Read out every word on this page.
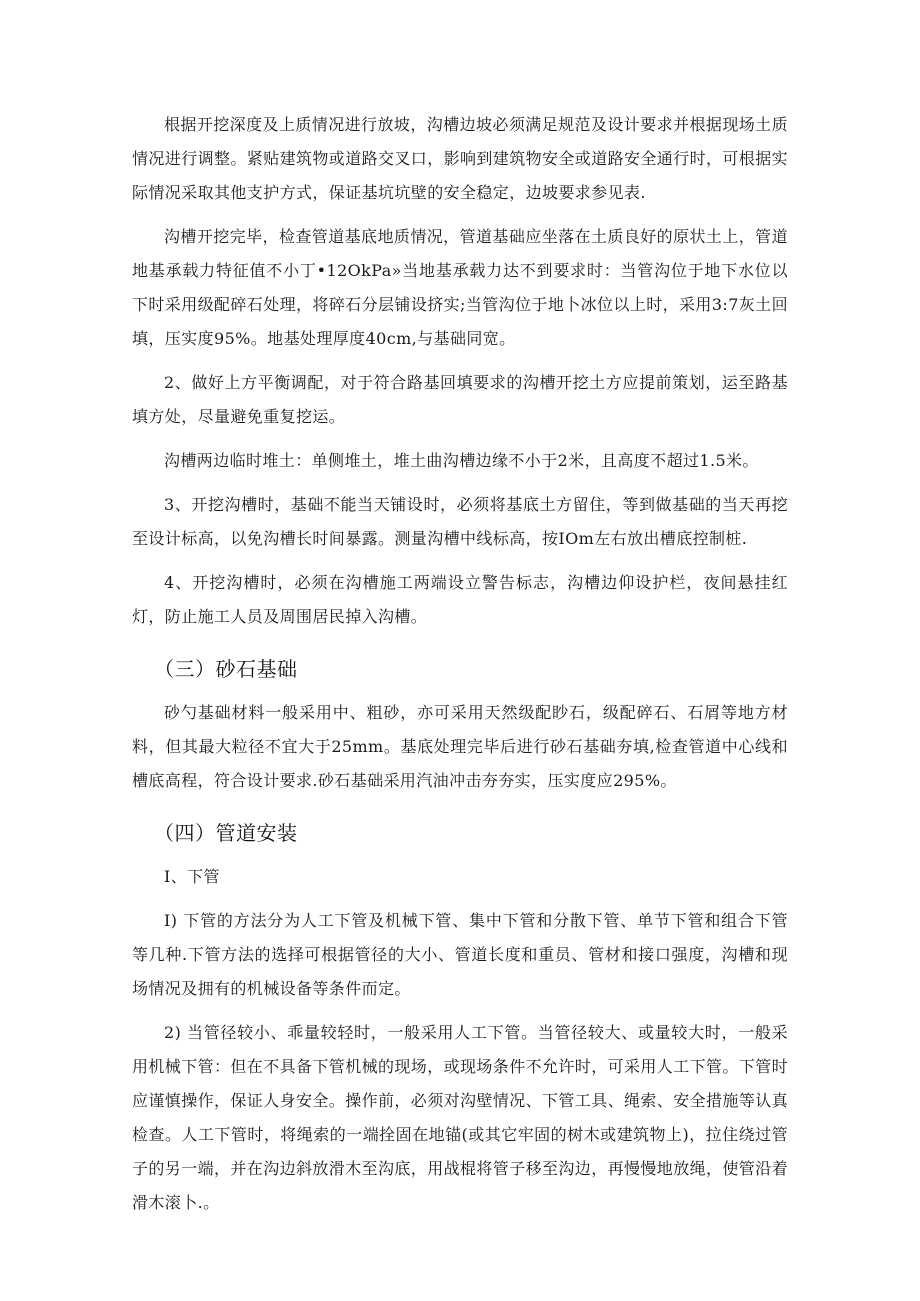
根据开挖深度及上质情况进行放坡，沟槽边坡必须满足规范及设计要求并根据现场土质情况进行调整。紧贴建筑物或道路交叉口，影响到建筑物安全或道路安全通行时，可根据实际情况采取其他支护方式，保证基坑坑壁的安全稳定，边坡要求参见表.

沟槽开挖完毕，检查管道基底地质情况，管道基础应坐落在土质良好的原状土上，管道地基承载力特征值不小丁•12OkPa»当地基承载力达不到要求时：当管沟位于地下水位以下时采用级配碎石处理，将碎石分层铺设挤实;当管沟位于地卜冰位以上时，采用3:7灰土回填，压实度95%。地基处理厚度40cm,与基础同宽。

2、做好上方平衡调配，对于符合路基回填要求的沟槽开挖土方应提前策划，运至路基填方处，尽量避免重复挖运。

沟槽两边临时堆土：单侧堆土，堆土曲沟槽边缘不小于2米，且高度不超过1.5米。

3、开挖沟槽时，基础不能当天铺设时，必须将基底土方留住，等到做基础的当天再挖至设计标高，以免沟槽长时间暴露。测量沟槽中线标高，按IOm左右放出槽底控制桩.

4、开挖沟槽时，必须在沟槽施工两端设立警告标志，沟槽边仰设护栏，夜间悬挂红灯，防止施工人员及周围居民掉入沟槽。

（三）砂石基础

砂勺基础材料一般采用中、粗砂，亦可采用天然级配眇石，级配碎石、石屑等地方材料，但其最大粒径不宜大于25mm。基底处理完毕后进行砂石基础夯填,检查管道中心线和槽底高程，符合设计要求.砂石基础采用汽油冲击夯夯实，压实度应295%。

（四）管道安装

I、下管

I) 下管的方法分为人工下管及机械下管、集中下管和分散下管、单节下管和组合下管等几种.下管方法的选择可根据管径的大小、管道长度和重员、管材和接口强度，沟槽和现场情况及拥有的机械设备等条件而定。

2) 当管径较小、乖量较轻时，一般采用人工下管。当管径较大、或量较大时，一般采用机械下管：但在不具备下管机械的现场，或现场条件不允许时，可采用人工下管。下管时应谨慎操作，保证人身安全。操作前，必须对沟壁情况、下管工具、绳索、安全措施等认真检查。人工下管时，将绳索的一端拴固在地锚(或其它牢固的树木或建筑物上)，拉住绕过管子的另一端，并在沟边斜放滑木至沟底，用战棍将管子移至沟边，再慢慢地放绳，使管沿着滑木滚卜.。
